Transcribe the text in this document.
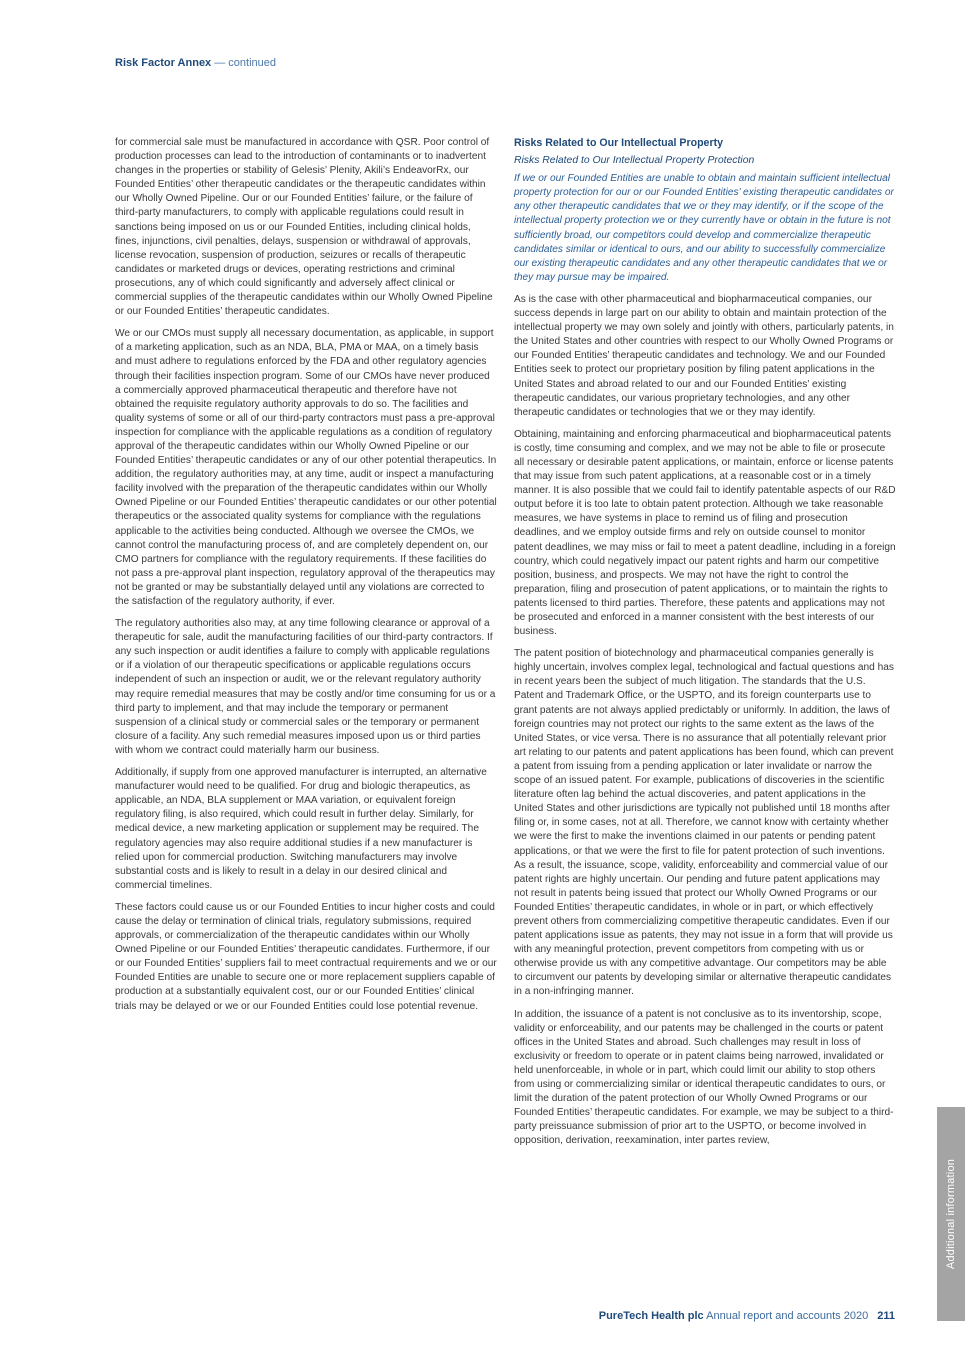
Risk Factor Annex — continued

for commercial sale must be manufactured in accordance with QSR. Poor control of production processes can lead to the introduction of contaminants or to inadvertent changes in the properties or stability of Gelesis’ Plenity, Akili’s EndeavorRx, our Founded Entities’ other therapeutic candidates or the therapeutic candidates within our Wholly Owned Pipeline. Our or our Founded Entities’ failure, or the failure of third-party manufacturers, to comply with applicable regulations could result in sanctions being imposed on us or our Founded Entities, including clinical holds, fines, injunctions, civil penalties, delays, suspension or withdrawal of approvals, license revocation, suspension of production, seizures or recalls of therapeutic candidates or marketed drugs or devices, operating restrictions and criminal prosecutions, any of which could significantly and adversely affect clinical or commercial supplies of the therapeutic candidates within our Wholly Owned Pipeline or our Founded Entities’ therapeutic candidates.

We or our CMOs must supply all necessary documentation, as applicable, in support of a marketing application, such as an NDA, BLA, PMA or MAA, on a timely basis and must adhere to regulations enforced by the FDA and other regulatory agencies through their facilities inspection program. Some of our CMOs have never produced a commercially approved pharmaceutical therapeutic and therefore have not obtained the requisite regulatory authority approvals to do so. The facilities and quality systems of some or all of our third-party contractors must pass a pre-approval inspection for compliance with the applicable regulations as a condition of regulatory approval of the therapeutic candidates within our Wholly Owned Pipeline or our Founded Entities’ therapeutic candidates or any of our other potential therapeutics. In addition, the regulatory authorities may, at any time, audit or inspect a manufacturing facility involved with the preparation of the therapeutic candidates within our Wholly Owned Pipeline or our Founded Entities’ therapeutic candidates or our other potential therapeutics or the associated quality systems for compliance with the regulations applicable to the activities being conducted. Although we oversee the CMOs, we cannot control the manufacturing process of, and are completely dependent on, our CMO partners for compliance with the regulatory requirements. If these facilities do not pass a pre-approval plant inspection, regulatory approval of the therapeutics may not be granted or may be substantially delayed until any violations are corrected to the satisfaction of the regulatory authority, if ever.

The regulatory authorities also may, at any time following clearance or approval of a therapeutic for sale, audit the manufacturing facilities of our third-party contractors. If any such inspection or audit identifies a failure to comply with applicable regulations or if a violation of our therapeutic specifications or applicable regulations occurs independent of such an inspection or audit, we or the relevant regulatory authority may require remedial measures that may be costly and/or time consuming for us or a third party to implement, and that may include the temporary or permanent suspension of a clinical study or commercial sales or the temporary or permanent closure of a facility. Any such remedial measures imposed upon us or third parties with whom we contract could materially harm our business.

Additionally, if supply from one approved manufacturer is interrupted, an alternative manufacturer would need to be qualified. For drug and biologic therapeutics, as applicable, an NDA, BLA supplement or MAA variation, or equivalent foreign regulatory filing, is also required, which could result in further delay. Similarly, for medical device, a new marketing application or supplement may be required. The regulatory agencies may also require additional studies if a new manufacturer is relied upon for commercial production. Switching manufacturers may involve substantial costs and is likely to result in a delay in our desired clinical and commercial timelines.

These factors could cause us or our Founded Entities to incur higher costs and could cause the delay or termination of clinical trials, regulatory submissions, required approvals, or commercialization of the therapeutic candidates within our Wholly Owned Pipeline or our Founded Entities’ therapeutic candidates. Furthermore, if our or our Founded Entities’ suppliers fail to meet contractual requirements and we or our Founded Entities are unable to secure one or more replacement suppliers capable of production at a substantially equivalent cost, our or our Founded Entities’ clinical trials may be delayed or we or our Founded Entities could lose potential revenue.

Risks Related to Our Intellectual Property
Risks Related to Our Intellectual Property Protection

If we or our Founded Entities are unable to obtain and maintain sufficient intellectual property protection for our or our Founded Entities’ existing therapeutic candidates or any other therapeutic candidates that we or they may identify, or if the scope of the intellectual property protection we or they currently have or obtain in the future is not sufficiently broad, our competitors could develop and commercialize therapeutic candidates similar or identical to ours, and our ability to successfully commercialize our existing therapeutic candidates and any other therapeutic candidates that we or they may pursue may be impaired.

As is the case with other pharmaceutical and biopharmaceutical companies, our success depends in large part on our ability to obtain and maintain protection of the intellectual property we may own solely and jointly with others, particularly patents, in the United States and other countries with respect to our Wholly Owned Programs or our Founded Entities’ therapeutic candidates and technology. We and our Founded Entities seek to protect our proprietary position by filing patent applications in the United States and abroad related to our and our Founded Entities’ existing therapeutic candidates, our various proprietary technologies, and any other therapeutic candidates or technologies that we or they may identify.

Obtaining, maintaining and enforcing pharmaceutical and biopharmaceutical patents is costly, time consuming and complex, and we may not be able to file or prosecute all necessary or desirable patent applications, or maintain, enforce or license patents that may issue from such patent applications, at a reasonable cost or in a timely manner. It is also possible that we could fail to identify patentable aspects of our R&D output before it is too late to obtain patent protection. Although we take reasonable measures, we have systems in place to remind us of filing and prosecution deadlines, and we employ outside firms and rely on outside counsel to monitor patent deadlines, we may miss or fail to meet a patent deadline, including in a foreign country, which could negatively impact our patent rights and harm our competitive position, business, and prospects. We may not have the right to control the preparation, filing and prosecution of patent applications, or to maintain the rights to patents licensed to third parties. Therefore, these patents and applications may not be prosecuted and enforced in a manner consistent with the best interests of our business.

The patent position of biotechnology and pharmaceutical companies generally is highly uncertain, involves complex legal, technological and factual questions and has in recent years been the subject of much litigation. The standards that the U.S. Patent and Trademark Office, or the USPTO, and its foreign counterparts use to grant patents are not always applied predictably or uniformly. In addition, the laws of foreign countries may not protect our rights to the same extent as the laws of the United States, or vice versa. There is no assurance that all potentially relevant prior art relating to our patents and patent applications has been found, which can prevent a patent from issuing from a pending application or later invalidate or narrow the scope of an issued patent. For example, publications of discoveries in the scientific literature often lag behind the actual discoveries, and patent applications in the United States and other jurisdictions are typically not published until 18 months after filing or, in some cases, not at all. Therefore, we cannot know with certainty whether we were the first to make the inventions claimed in our patents or pending patent applications, or that we were the first to file for patent protection of such inventions. As a result, the issuance, scope, validity, enforceability and commercial value of our patent rights are highly uncertain. Our pending and future patent applications may not result in patents being issued that protect our Wholly Owned Programs or our Founded Entities’ therapeutic candidates, in whole or in part, or which effectively prevent others from commercializing competitive therapeutic candidates. Even if our patent applications issue as patents, they may not issue in a form that will provide us with any meaningful protection, prevent competitors from competing with us or otherwise provide us with any competitive advantage. Our competitors may be able to circumvent our patents by developing similar or alternative therapeutic candidates in a non-infringing manner.

In addition, the issuance of a patent is not conclusive as to its inventorship, scope, validity or enforceability, and our patents may be challenged in the courts or patent offices in the United States and abroad. Such challenges may result in loss of exclusivity or freedom to operate or in patent claims being narrowed, invalidated or held unenforceable, in whole or in part, which could limit our ability to stop others from using or commercializing similar or identical therapeutic candidates to ours, or limit the duration of the patent protection of our Wholly Owned Programs or our Founded Entities’ therapeutic candidates. For example, we may be subject to a third-party preissuance submission of prior art to the USPTO, or become involved in opposition, derivation, reexamination, inter partes review,

Additional information
PureTech Health plc Annual report and accounts 2020 211
